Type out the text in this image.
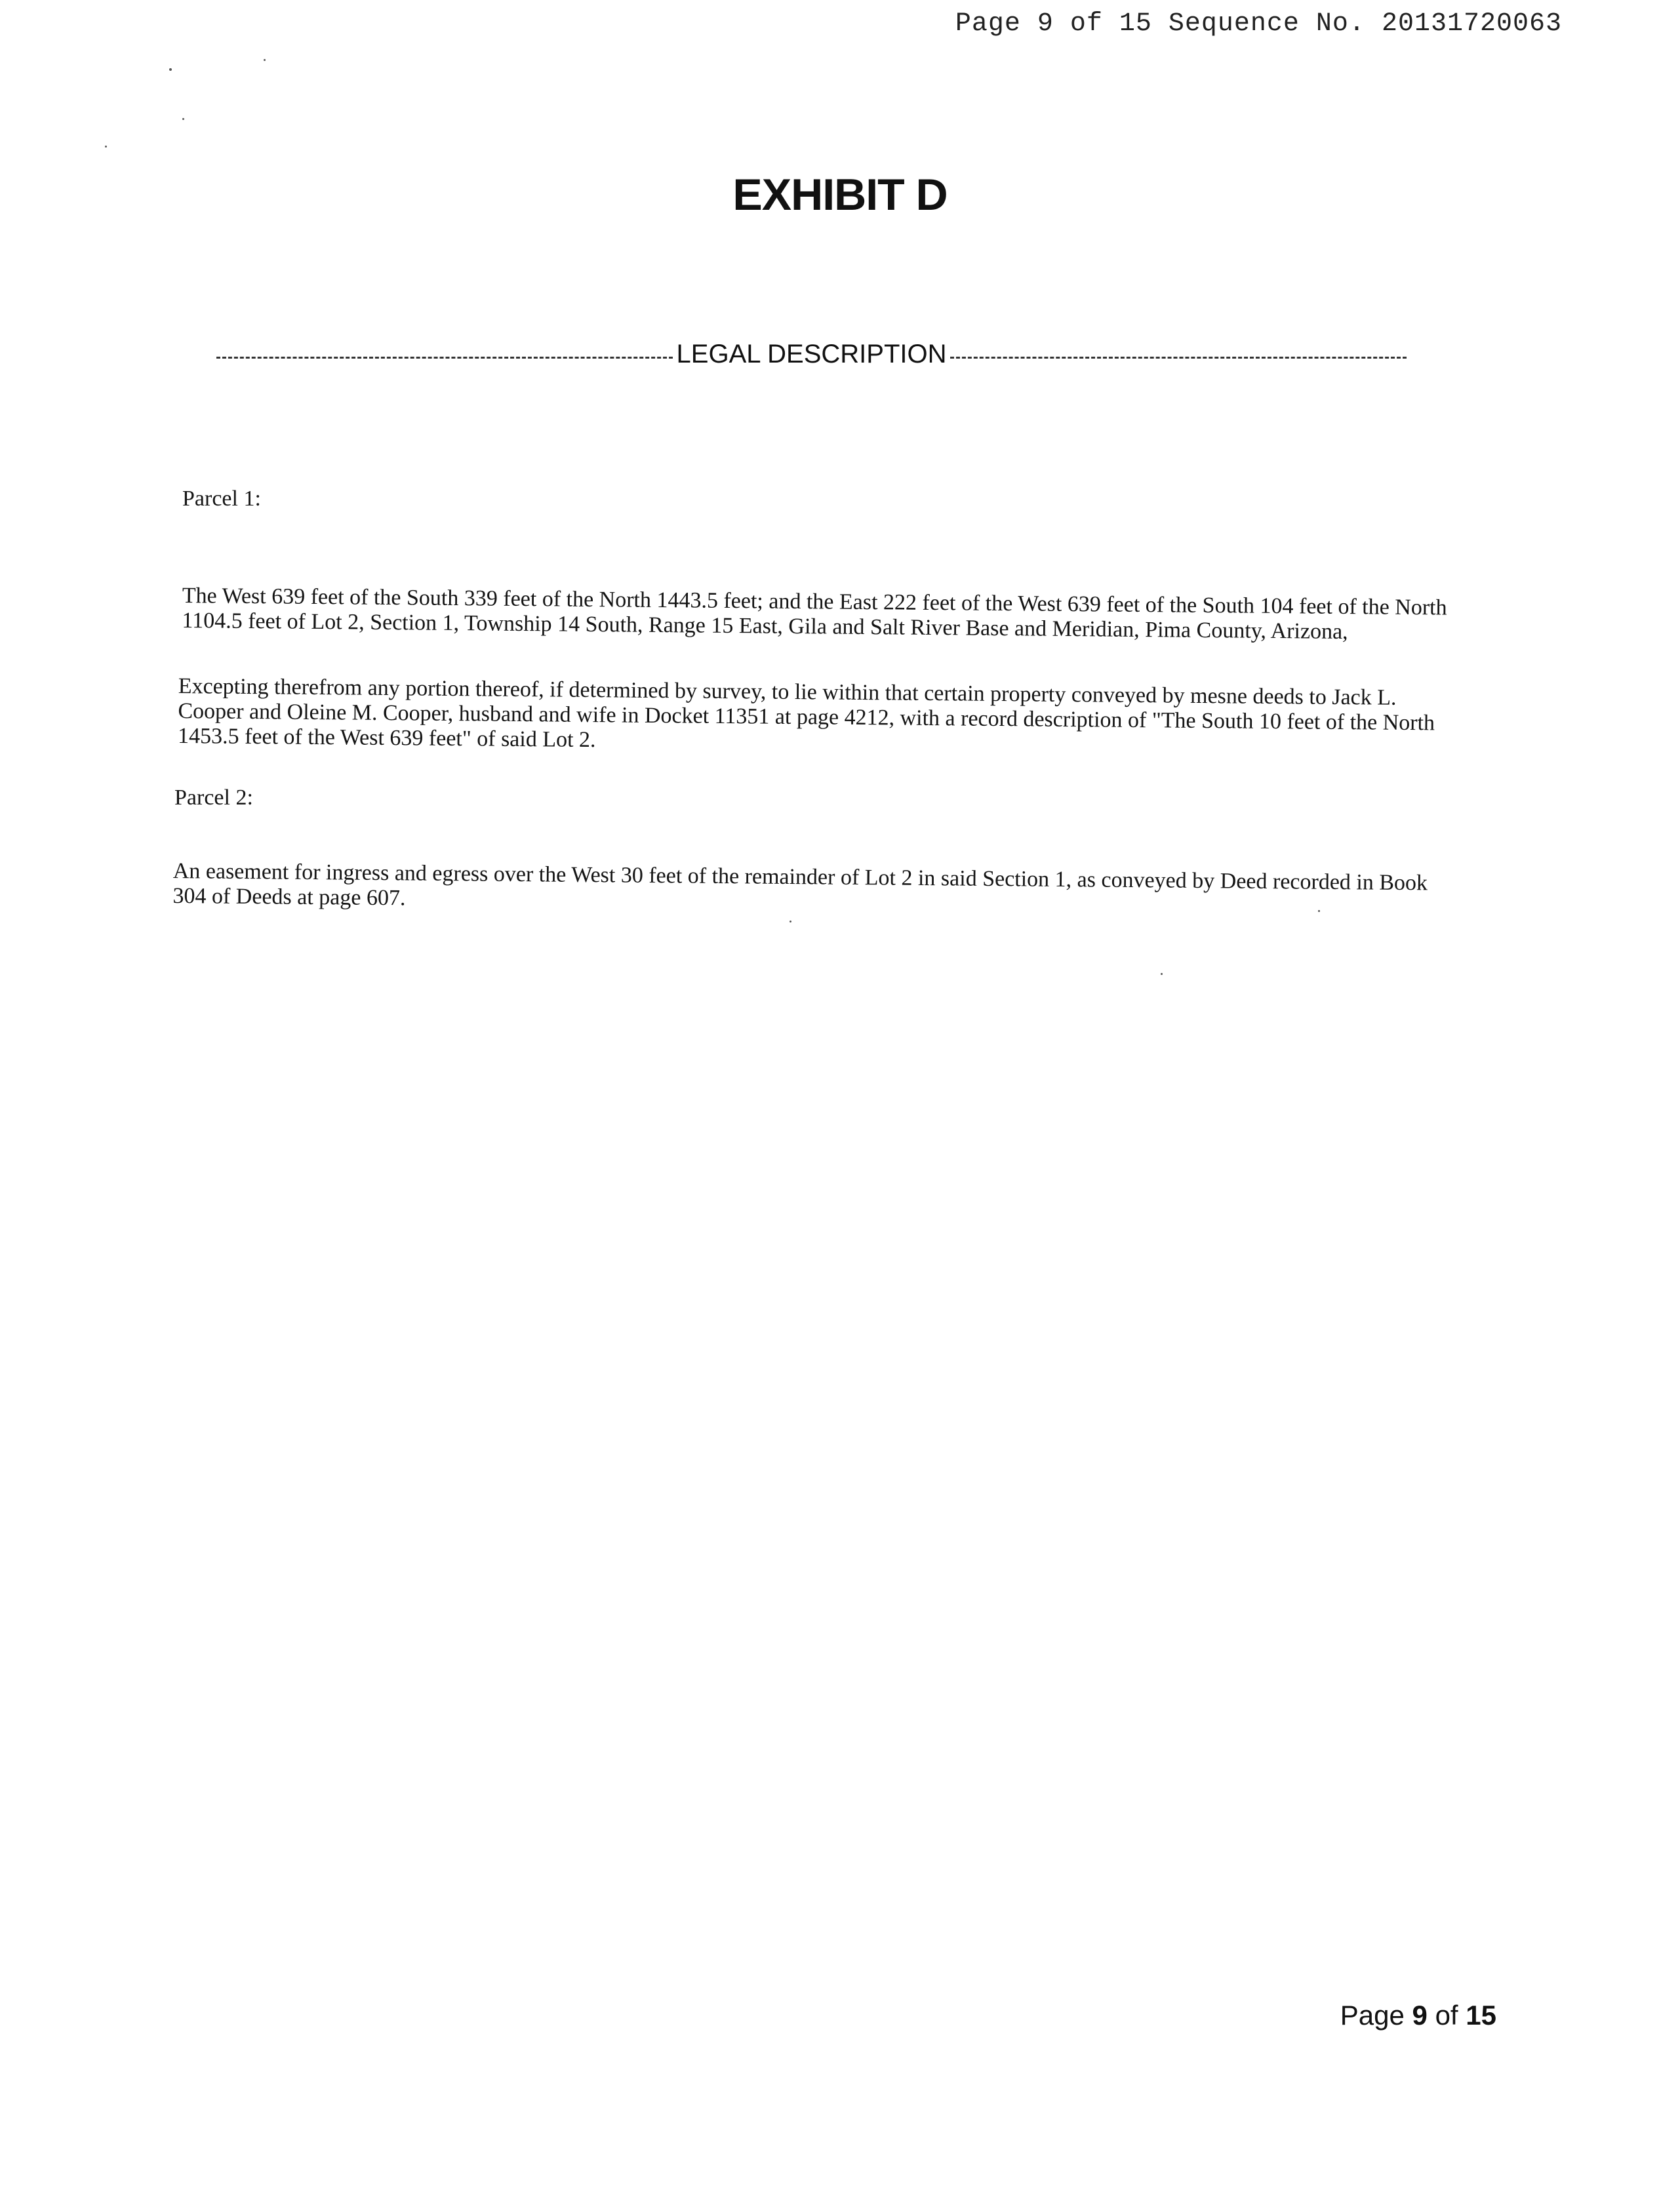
Page 9 of 15 Sequence No. 20131720063
EXHIBIT D
LEGAL DESCRIPTION
Parcel 1:
The West 639 feet of the South 339 feet of the North 1443.5 feet; and the East 222 feet of the West 639 feet of the South 104 feet of the North 1104.5 feet of Lot 2, Section 1, Township 14 South, Range 15 East, Gila and Salt River Base and Meridian, Pima County, Arizona,
Excepting therefrom any portion thereof, if determined by survey, to lie within that certain property conveyed by mesne deeds to Jack L. Cooper and Oleine M. Cooper, husband and wife in Docket 11351 at page 4212, with a record description of "The South 10 feet of the North 1453.5 feet of the West 639 feet" of said Lot 2.
Parcel 2:
An easement for ingress and egress over the West 30 feet of the remainder of Lot 2 in said Section 1, as conveyed by Deed recorded in Book 304 of Deeds at page 607.
Page 9 of 15
